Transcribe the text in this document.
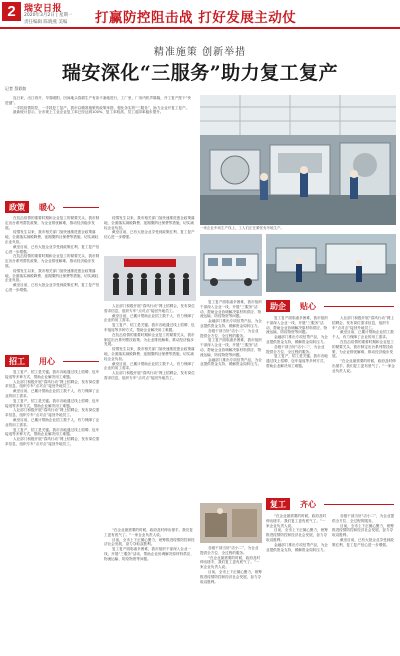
2 瑞安日报
2020年3月2日 | 星期一
责任编辑 陈晓燕 美编 打赢防控阻击战 打好发展主动仗
精准施策 创新举措
瑞安深化“三服务”助力复工复产
记者 蔡彩如

连日来，出江再开，早春暖阳，田间地头春耕生产有条不紊地进行，工厂里，厂房内机声隆隆，开工复产按下“快进键”。

一手抓疫情防控，一手抓复工复产。我市以精准施策的政策举措，强化务实的“三服务”，助力企业开复工复产。

最新统计显示，全市规上工业企业复工率已经达到100%，复工率较高，员工返岗率稳步提升。

一家企业车间生产线上，工人们正在紧张有序地生产。
政策	暖心

在抗击疫情的重要时期和企业复工的紧要关头，我市制定出台系列帮扶政策，为企业排忧解难，推动经济稳步发展。

疫情发生以来，我市相关部门加快速推进惠企政策落地，全面落实减税降费、延期缴纳社保费等措施，切实减轻企业负担。

截至目前，已有大批企业享受到政策红利，复工复产信心进一步增强。

在抗击疫情的重要时期和企业复工的紧要关头，我市制定出台系列帮扶政策，为企业排忧解难，推动经济稳步发展。

疫情发生以来，我市相关部门加快速推进惠企政策落地，全面落实减税降费、延期缴纳社保费等措施，切实减轻企业负担。

截至目前，已有大批企业享受到政策红利，复工复产信心进一步增强。

招工	用心

复工复产，招工是关键。我市各地通过线上招聘、包车接返等多种方式，帮助企业解决用工难题。

人社部门积极开展“春风行动”网上招聘会，发布岗位需求信息，组织专车“点对点”接回外地员工。

截至目前，已累计帮助企业招工数千人，有力保障了企业的用工需求。

复工复产，招工是关键。我市各地通过线上招聘、包车接返等多种方式，帮助企业解决用工难题。

人社部门积极开展“春风行动”网上招聘会，发布岗位需求信息，组织专车“点对点”接回外地员工。

截至目前，已累计帮助企业招工数千人，有力保障了企业的用工需求。

复工复产，招工是关键。我市各地通过线上招聘、包车接返等多种方式，帮助企业解决用工难题。

人社部门积极开展“春风行动”网上招聘会，发布岗位需求信息，组织专车“点对点”接回外地员工。

疫情发生以来，我市相关部门加快速推进惠企政策落地，全面落实减税降费、延期缴纳社保费等措施，切实减轻企业负担。

截至目前，已有大批企业享受到政策红利，复工复产信心进一步增强。

人社部门积极开展“春风行动”网上招聘会，发布岗位需求信息，组织专车“点对点”接回外地员工。

截至目前，已累计帮助企业招工数千人，有力保障了企业的用工需求。

复工复产，招工是关键。我市各地通过线上招聘、包车接返等多种方式，帮助企业解决用工难题。

在抗击疫情的重要时期和企业复工的紧要关头，我市制定出台系列帮扶政策，为企业排忧解难，推动经济稳步发展。

疫情发生以来，我市相关部门加快速推进惠企政策落地，全面落实减税降费、延期缴纳社保费等措施，切实减轻企业负担。

截至目前，已累计帮助企业招工数千人，有力保障了企业的用工需求。

人社部门积极开展“春风行动”网上招聘会，发布岗位需求信息，组织专车“点对点”接回外地员工。

“在企业最需要的时候，政府及时伸出援手，我们复工更有底气了。”一家企业负责人说。

目前，全市上下正凝心聚力，统筹推进疫情防控和经济社会发展，奋力夺取双胜利。

复工复产面临诸多困难，我市组织干部深入企业一线，开展“三服务”活动，帮助企业协调解决原材料供应、物流运输、防疫物资等问题。

复工复产面临诸多困难，我市组织干部深入企业一线，开展“三服务”活动，帮助企业协调解决原材料供应、物流运输、防疫物资等问题。

金融部门推出专项信贷产品，为企业提供资金支持，缓解资金周转压力。

各级干部当好“店小二”，为企业提供全方位、全过程的服务。

复工复产面临诸多困难，我市组织干部深入企业一线，开展“三服务”活动，帮助企业协调解决原材料供应、物流运输、防疫物资等问题。

金融部门推出专项信贷产品，为企业提供资金支持，缓解资金周转压力。

各级干部当好“店小二”，为企业提供全方位、全过程的服务。

“在企业最需要的时候，政府及时伸出援手，我们复工更有底气了。”一家企业负责人说。

目前，全市上下正凝心聚力，统筹推进疫情防控和经济社会发展，奋力夺取双胜利。

助企	贴心

复工复产面临诸多困难，我市组织干部深入企业一线，开展“三服务”活动，帮助企业协调解决原材料供应、物流运输、防疫物资等问题。

金融部门推出专项信贷产品，为企业提供资金支持，缓解资金周转压力。

各级干部当好“店小二”，为企业提供全方位、全过程的服务。

复工复产，招工是关键。我市各地通过线上招聘、包车接返等多种方式，帮助企业解决用工难题。

人社部门积极开展“春风行动”网上招聘会，发布岗位需求信息，组织专车“点对点”接回外地员工。

截至目前，已累计帮助企业招工数千人，有力保障了企业的用工需求。

在抗击疫情的重要时期和企业复工的紧要关头，我市制定出台系列帮扶政策，为企业排忧解难，推动经济稳步发展。

“在企业最需要的时候，政府及时伸出援手，我们复工更有底气了。”一家企业负责人说。

复工	齐心

“在企业最需要的时候，政府及时伸出援手，我们复工更有底气了。”一家企业负责人说。

目前，全市上下正凝心聚力，统筹推进疫情防控和经济社会发展，奋力夺取双胜利。

金融部门推出专项信贷产品，为企业提供资金支持，缓解资金周转压力。

各级干部当好“店小二”，为企业提供全方位、全过程的服务。

目前，全市上下正凝心聚力，统筹推进疫情防控和经济社会发展，奋力夺取双胜利。

截至目前，已有大批企业享受到政策红利，复工复产信心进一步增强。
